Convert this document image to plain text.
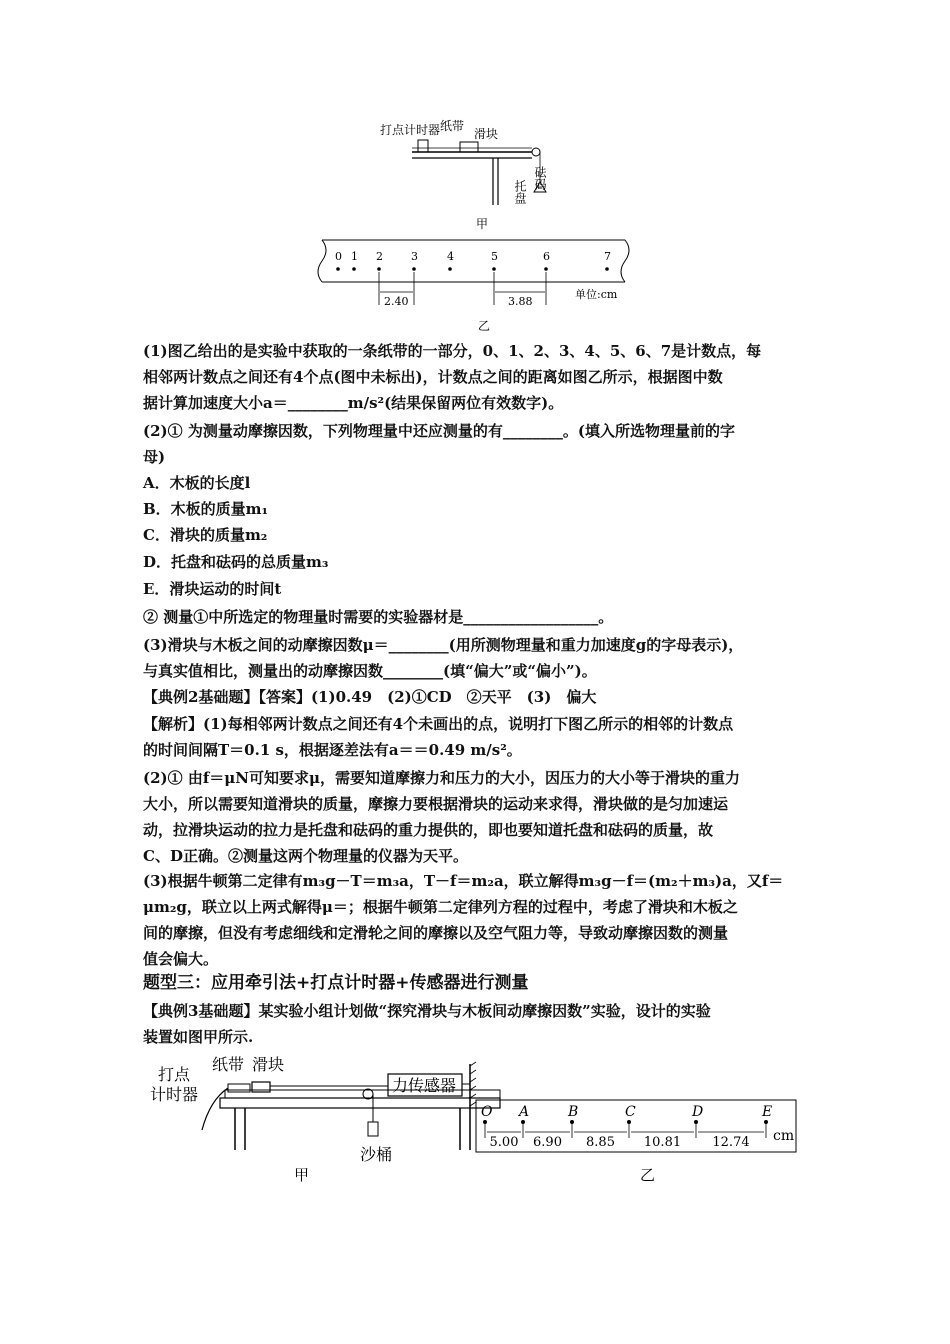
打点计时器 纸带
滑块
砝码
托盘
甲
0 1 2	3	4	5	6	7
2.40	3.88
单位:cm
乙
(1)图乙给出的是实验中获取的一条纸带的一部分，0、1、2、3、4、5、6、7是计数点，每
相邻两计数点之间还有4个点(图中未标出)，计数点之间的距离如图乙所示，根据图中数
据计算加速度大小a＝________m/s²(结果保留两位有效数字)。
(2)① 为测量动摩擦因数，下列物理量中还应测量的有________。(填入所选物理量前的字
母)
A．木板的长度l
B．木板的质量m₁
C．滑块的质量m₂
D．托盘和砝码的总质量m₃
E．滑块运动的时间t
② 测量①中所选定的物理量时需要的实验器材是__________________。
(3)滑块与木板之间的动摩擦因数μ＝________(用所测物理量和重力加速度g的字母表示)，
与真实值相比，测量出的动摩擦因数________(填“偏大”或“偏小”)。
【典例2基础题】【答案】(1)0.49　(2)①CD　②天平　(3)　偏大
【解析】(1)每相邻两计数点之间还有4个未画出的点，说明打下图乙所示的相邻的计数点
的时间间隔T＝0.1 s，根据逐差法有a＝＝0.49 m/s²。
(2)① 由f＝μN可知要求μ，需要知道摩擦力和压力的大小，因压力的大小等于滑块的重力
大小，所以需要知道滑块的质量，摩擦力要根据滑块的运动来求得，滑块做的是匀加速运
动，拉滑块运动的拉力是托盘和砝码的重力提供的，即也要知道托盘和砝码的质量，故
C、D正确。②测量这两个物理量的仪器为天平。
(3)根据牛顿第二定律有m₃g－T＝m₃a，T－f＝m₂a，联立解得m₃g－f＝(m₂＋m₃)a，又f＝
μm₂g，联立以上两式解得μ＝；根据牛顿第二定律列方程的过程中，考虑了滑块和木板之
间的摩擦，但没有考虑细线和定滑轮之间的摩擦以及空气阻力等，导致动摩擦因数的测量
值会偏大。
题型三：应用牵引法+打点计时器+传感器进行测量
【典例3基础题】某实验小组计划做“探究滑块与木板间动摩擦因数”实验，设计的实验
装置如图甲所示.
打点
计时器
纸带 滑块
力传感器
沙桶
甲
O A	B	C	D	E
5.00 6.90 8.85 10.81 12.74 cm
乙
